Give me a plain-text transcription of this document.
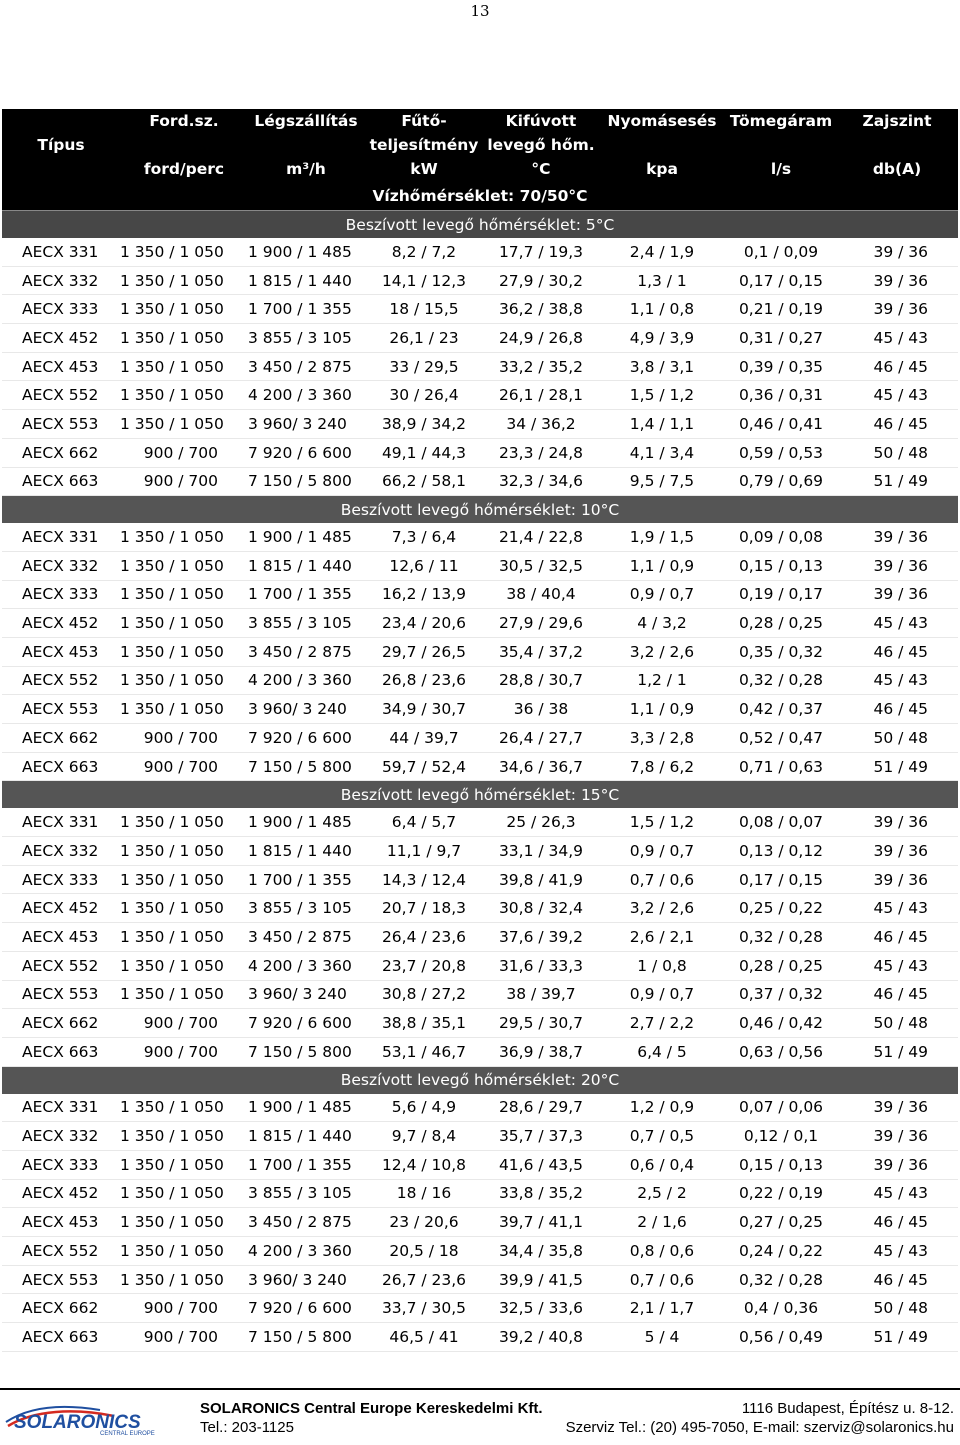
13
	Ford.sz.	Légszállítás	Fűtő-	Kifúvott	Nyomásesés	Tömegáram	Zajszint
Típus			teljesítmény	levegő hőm.			
	ford/perc	m³/h	kW	°C	kpa	l/s	db(A)
Vízhőmérséklet: 70/50°C							
Beszívott levegő hőmérséklet: 5°C							
AECX 331	1 350 / 1 050	1 900 / 1 485	8,2 / 7,2	17,7 / 19,3	2,4 / 1,9	0,1 / 0,09	39 / 36
AECX 332	1 350 / 1 050	1 815 / 1 440	14,1 / 12,3	27,9 / 30,2	1,3 / 1	0,17 / 0,15	39 / 36
AECX 333	1 350 / 1 050	1 700 / 1 355	18 / 15,5	36,2 / 38,8	1,1 / 0,8	0,21 / 0,19	39 / 36
AECX 452	1 350 / 1 050	3 855 / 3 105	26,1 / 23	24,9 / 26,8	4,9 / 3,9	0,31 / 0,27	45 / 43
AECX 453	1 350 / 1 050	3 450 / 2 875	33 / 29,5	33,2 / 35,2	3,8 / 3,1	0,39 / 0,35	46 / 45
AECX 552	1 350 / 1 050	4 200 / 3 360	30 / 26,4	26,1 / 28,1	1,5 / 1,2	0,36 / 0,31	45 / 43
AECX 553	1 350 / 1 050	3 960/ 3 240	38,9 / 34,2	34 / 36,2	1,4 / 1,1	0,46 / 0,41	46 / 45
AECX 662	900 / 700	7 920 / 6 600	49,1 / 44,3	23,3 / 24,8	4,1 / 3,4	0,59 / 0,53	50 / 48
AECX 663	900 / 700	7 150 / 5 800	66,2 / 58,1	32,3 / 34,6	9,5 / 7,5	0,79 / 0,69	51 / 49
Beszívott levegő hőmérséklet: 10°C							
AECX 331	1 350 / 1 050	1 900 / 1 485	7,3 / 6,4	21,4 / 22,8	1,9 / 1,5	0,09 / 0,08	39 / 36
AECX 332	1 350 / 1 050	1 815 / 1 440	12,6 / 11	30,5 / 32,5	1,1 / 0,9	0,15 / 0,13	39 / 36
AECX 333	1 350 / 1 050	1 700 / 1 355	16,2 / 13,9	38 / 40,4	0,9 / 0,7	0,19 / 0,17	39 / 36
AECX 452	1 350 / 1 050	3 855 / 3 105	23,4 / 20,6	27,9 / 29,6	4 / 3,2	0,28 / 0,25	45 / 43
AECX 453	1 350 / 1 050	3 450 / 2 875	29,7 / 26,5	35,4 / 37,2	3,2 / 2,6	0,35 / 0,32	46 / 45
AECX 552	1 350 / 1 050	4 200 / 3 360	26,8 / 23,6	28,8 / 30,7	1,2 / 1	0,32 / 0,28	45 / 43
AECX 553	1 350 / 1 050	3 960/ 3 240	34,9 / 30,7	36 / 38	1,1 / 0,9	0,42 / 0,37	46 / 45
AECX 662	900 / 700	7 920 / 6 600	44 / 39,7	26,4 / 27,7	3,3 / 2,8	0,52 / 0,47	50 / 48
AECX 663	900 / 700	7 150 / 5 800	59,7 / 52,4	34,6 / 36,7	7,8 / 6,2	0,71 / 0,63	51 / 49
Beszívott levegő hőmérséklet: 15°C							
AECX 331	1 350 / 1 050	1 900 / 1 485	6,4 / 5,7	25 / 26,3	1,5 / 1,2	0,08 / 0,07	39 / 36
AECX 332	1 350 / 1 050	1 815 / 1 440	11,1 / 9,7	33,1 / 34,9	0,9 / 0,7	0,13 / 0,12	39 / 36
AECX 333	1 350 / 1 050	1 700 / 1 355	14,3 / 12,4	39,8 / 41,9	0,7 / 0,6	0,17 / 0,15	39 / 36
AECX 452	1 350 / 1 050	3 855 / 3 105	20,7 / 18,3	30,8 / 32,4	3,2 / 2,6	0,25 / 0,22	45 / 43
AECX 453	1 350 / 1 050	3 450 / 2 875	26,4 / 23,6	37,6 / 39,2	2,6 / 2,1	0,32 / 0,28	46 / 45
AECX 552	1 350 / 1 050	4 200 / 3 360	23,7 / 20,8	31,6 / 33,3	1 / 0,8	0,28 / 0,25	45 / 43
AECX 553	1 350 / 1 050	3 960/ 3 240	30,8 / 27,2	38 / 39,7	0,9 / 0,7	0,37 / 0,32	46 / 45
AECX 662	900 / 700	7 920 / 6 600	38,8 / 35,1	29,5 / 30,7	2,7 / 2,2	0,46 / 0,42	50 / 48
AECX 663	900 / 700	7 150 / 5 800	53,1 / 46,7	36,9 / 38,7	6,4 / 5	0,63 / 0,56	51 / 49
Beszívott levegő hőmérséklet: 20°C							
AECX 331	1 350 / 1 050	1 900 / 1 485	5,6 / 4,9	28,6 / 29,7	1,2 / 0,9	0,07 / 0,06	39 / 36
AECX 332	1 350 / 1 050	1 815 / 1 440	9,7 / 8,4	35,7 / 37,3	0,7 / 0,5	0,12 / 0,1	39 / 36
AECX 333	1 350 / 1 050	1 700 / 1 355	12,4 / 10,8	41,6 / 43,5	0,6 / 0,4	0,15 / 0,13	39 / 36
AECX 452	1 350 / 1 050	3 855 / 3 105	18 / 16	33,8 / 35,2	2,5 / 2	0,22 / 0,19	45 / 43
AECX 453	1 350 / 1 050	3 450 / 2 875	23 / 20,6	39,7 / 41,1	2 / 1,6	0,27 / 0,25	46 / 45
AECX 552	1 350 / 1 050	4 200 / 3 360	20,5 / 18	34,4 / 35,8	0,8 / 0,6	0,24 / 0,22	45 / 43
AECX 553	1 350 / 1 050	3 960/ 3 240	26,7 / 23,6	39,9 / 41,5	0,7 / 0,6	0,32 / 0,28	46 / 45
AECX 662	900 / 700	7 920 / 6 600	33,7 / 30,5	32,5 / 33,6	2,1 / 1,7	0,4 / 0,36	50 / 48
AECX 663	900 / 700	7 150 / 5 800	46,5 / 41	39,2 / 40,8	5 / 4	0,56 / 0,49	51 / 49
SOLARONICS
CENTRAL EUROPE
SOLARONICS Central Europe Kereskedelmi Kft.	1116 Budapest, Építész u. 8-12.
Tel.: 203-1125	Szerviz Tel.: (20) 495-7050, E-mail: szerviz@solaronics.hu
